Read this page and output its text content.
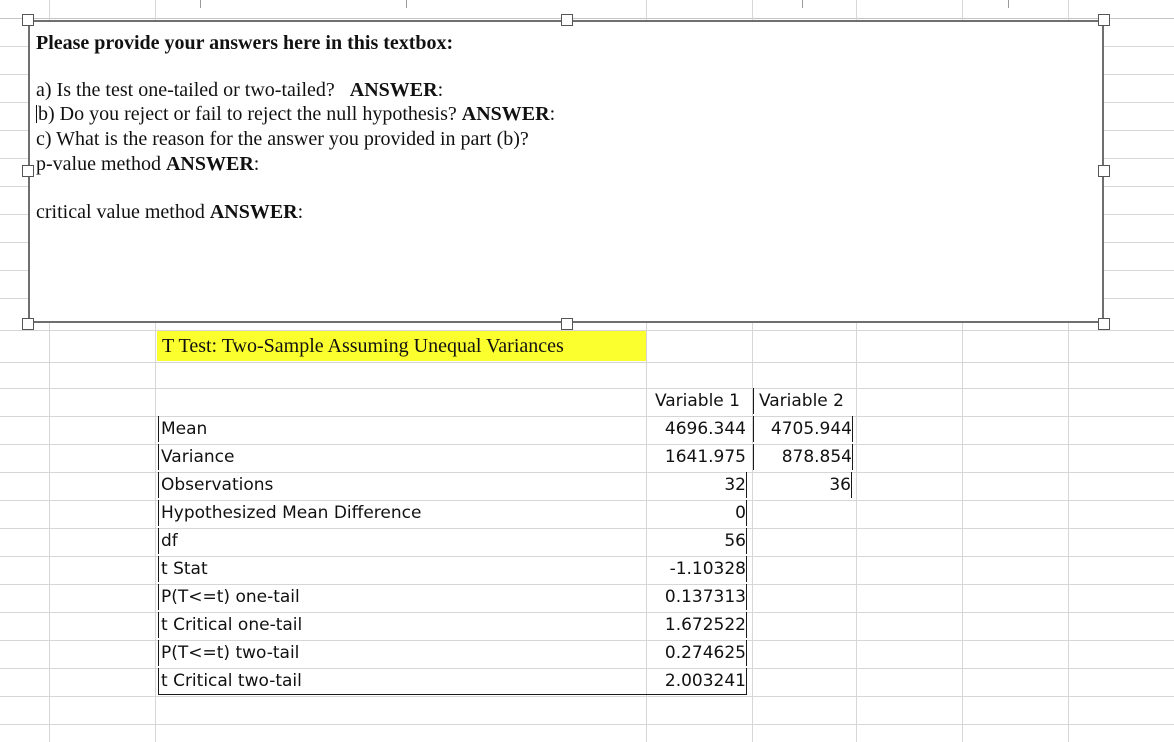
T Test: Two-Sample Assuming Unequal Variances
Variable 1	Variable 2
Mean	4696.344	4705.944
Variance	1641.975	878.854
Observations	32	36
Hypothesized Mean Difference	0
df	56
t Stat	-1.10328
P(T<=t) one-tail	0.137313
t Critical one-tail	1.672522
P(T<=t) two-tail	0.274625
t Critical two-tail	2.003241
Please provide your answers here in this textbox:
a) Is the test one-tailed or two-tailed? ANSWER:
b) Do you reject or fail to reject the null hypothesis? ANSWER:
c) What is the reason for the answer you provided in part (b)?
p-value method ANSWER:
critical value method ANSWER:
